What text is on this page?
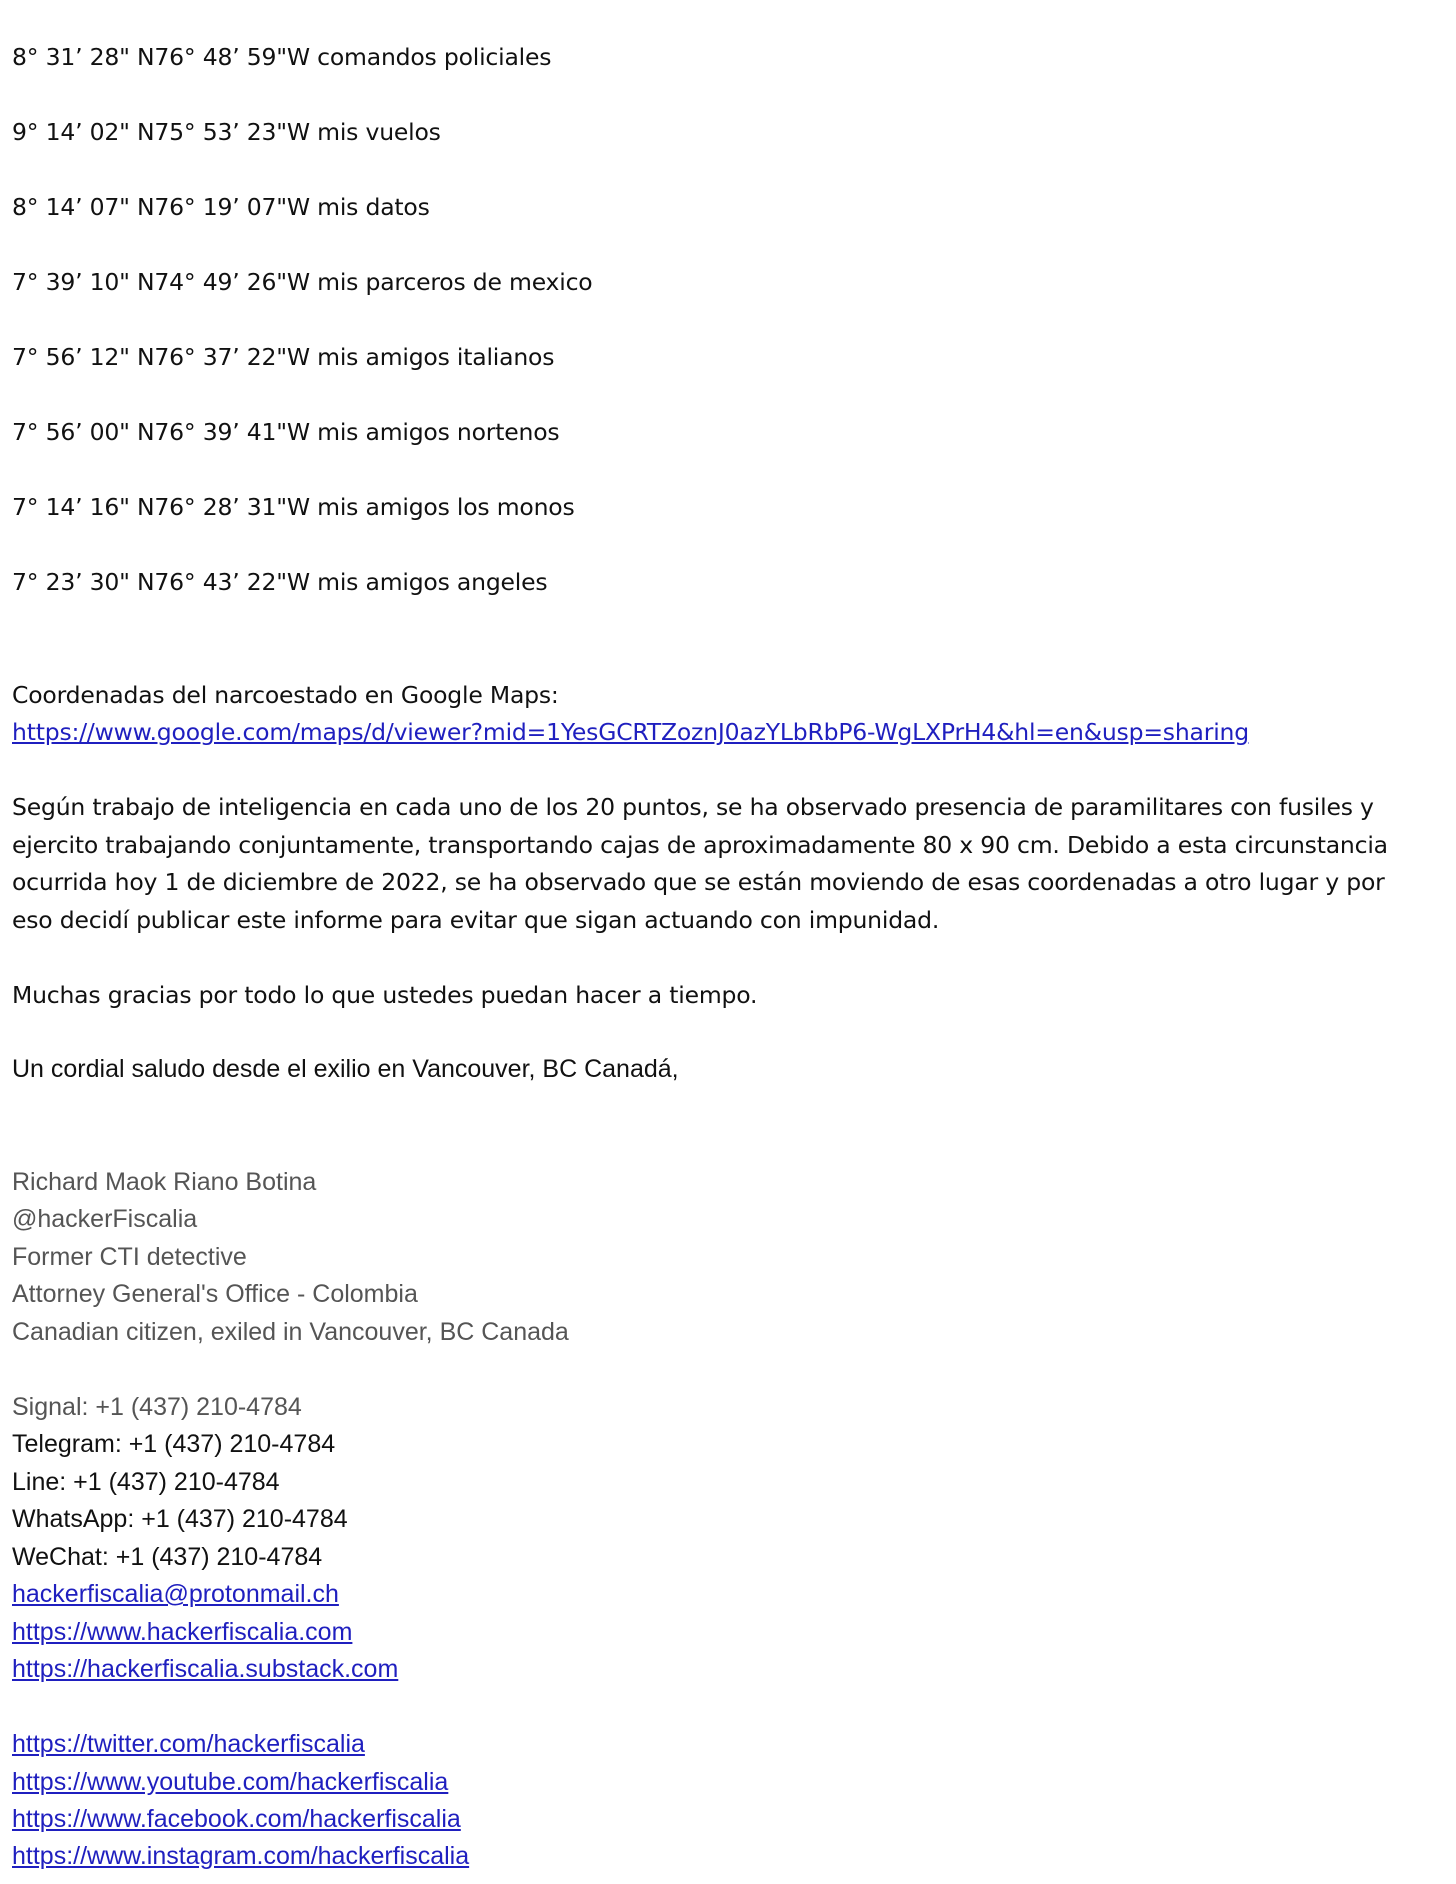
8° 31’ 28" N76° 48’ 59"W comandos policiales
9° 14’ 02" N75° 53’ 23"W mis vuelos
8° 14’ 07" N76° 19’ 07"W mis datos
7° 39’ 10" N74° 49’ 26"W mis parceros de mexico
7° 56’ 12" N76° 37’ 22"W mis amigos italianos
7° 56’ 00" N76° 39’ 41"W mis amigos nortenos
7° 14’ 16" N76° 28’ 31"W mis amigos los monos
7° 23’ 30" N76° 43’ 22"W mis amigos angeles
Coordenadas del narcoestado en Google Maps:
https://www.google.com/maps/d/viewer?mid=1YesGCRTZoznJ0azYLbRbP6-WgLXPrH4&hl=en&usp=sharing
Según trabajo de inteligencia en cada uno de los 20 puntos, se ha observado presencia de paramilitares con fusiles y ejercito trabajando conjuntamente, transportando cajas de aproximadamente 80 x 90 cm. Debido a esta circunstancia ocurrida hoy 1 de diciembre de 2022, se ha observado que se están moviendo de esas coordenadas a otro lugar y por eso decidí publicar este informe para evitar que sigan actuando con impunidad.
Muchas gracias por todo lo que ustedes puedan hacer a tiempo.
Un cordial saludo desde el exilio en Vancouver, BC Canadá,
Richard Maok Riano Botina
@hackerFiscalia
Former CTI detective
Attorney General's Office - Colombia
Canadian citizen, exiled in Vancouver, BC Canada
Signal: +1 (437) 210-4784
Telegram: +1 (437) 210-4784
Line: +1 (437) 210-4784
WhatsApp: +1 (437) 210-4784
WeChat: +1 (437) 210-4784
hackerfiscalia@protonmail.ch
https://www.hackerfiscalia.com
https://hackerfiscalia.substack.com
https://twitter.com/hackerfiscalia
https://www.youtube.com/hackerfiscalia
https://www.facebook.com/hackerfiscalia
https://www.instagram.com/hackerfiscalia
